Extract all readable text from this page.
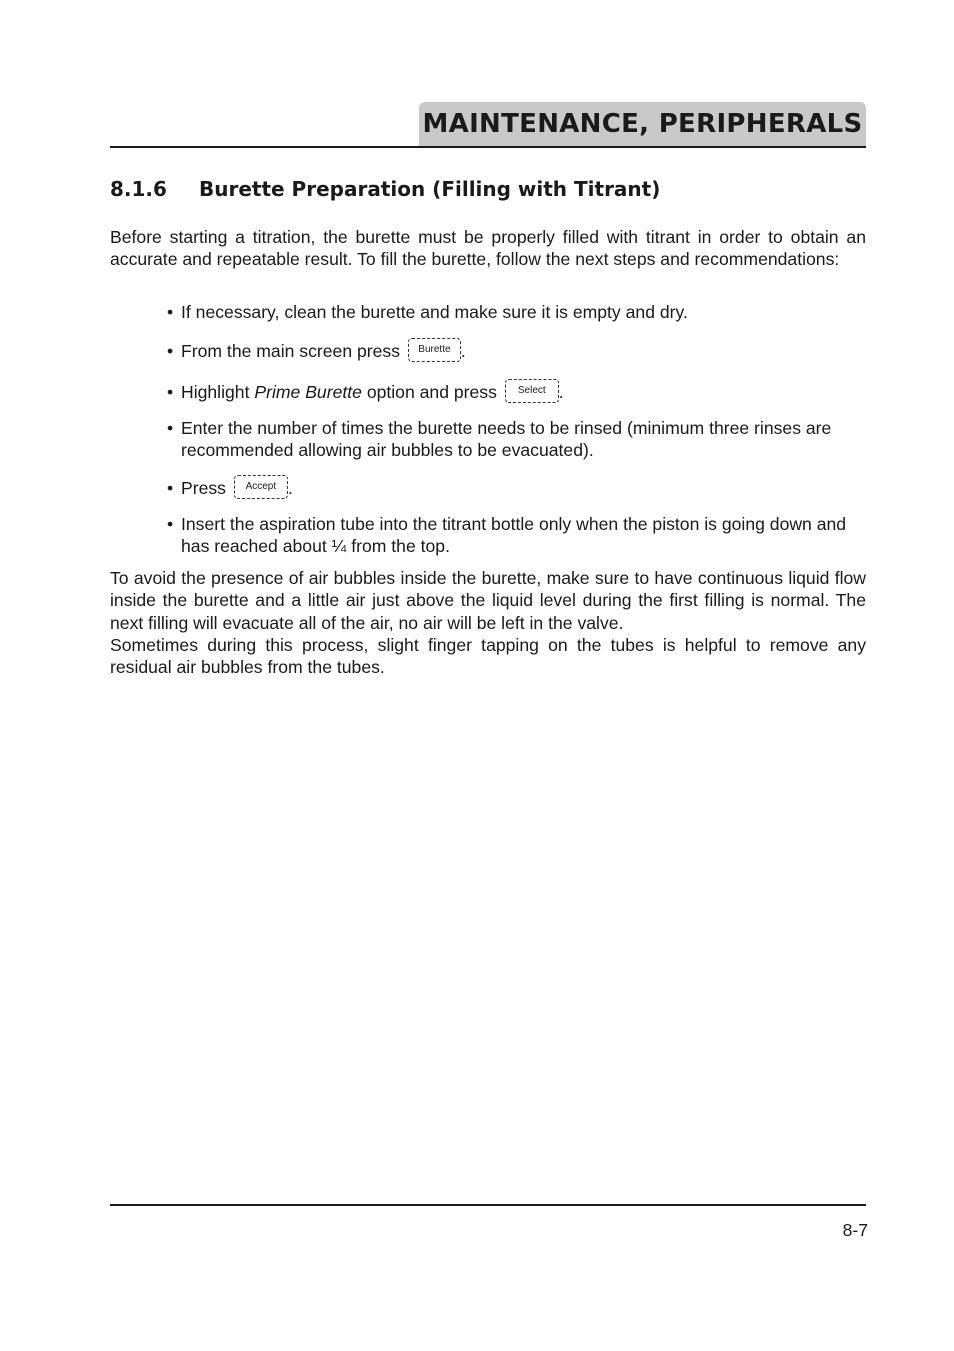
MAINTENANCE, PERIPHERALS
8.1.6 Burette Preparation (Filling with Titrant)

Before starting a titration, the burette must be properly filled with titrant in order to obtain an accurate and repeatable result. To fill the burette, follow the next steps and recommendations:

• If necessary, clean the burette and make sure it is empty and dry.
• From the main screen press Burette .
• Highlight Prime Burette option and press Select .
• Enter the number of times the burette needs to be rinsed (minimum three rinses are recommended allowing air bubbles to be evacuated).
• Press Accept .
• Insert the aspiration tube into the titrant bottle only when the piston is going down and has reached about ¼ from the top.
To avoid the presence of air bubbles inside the burette, make sure to have continuous liquid flow inside the burette and a little air just above the liquid level during the first filling is normal. The next filling will evacuate all of the air, no air will be left in the valve.
Sometimes during this process, slight finger tapping on the tubes is helpful to remove any residual air bubbles from the tubes.
8-7
